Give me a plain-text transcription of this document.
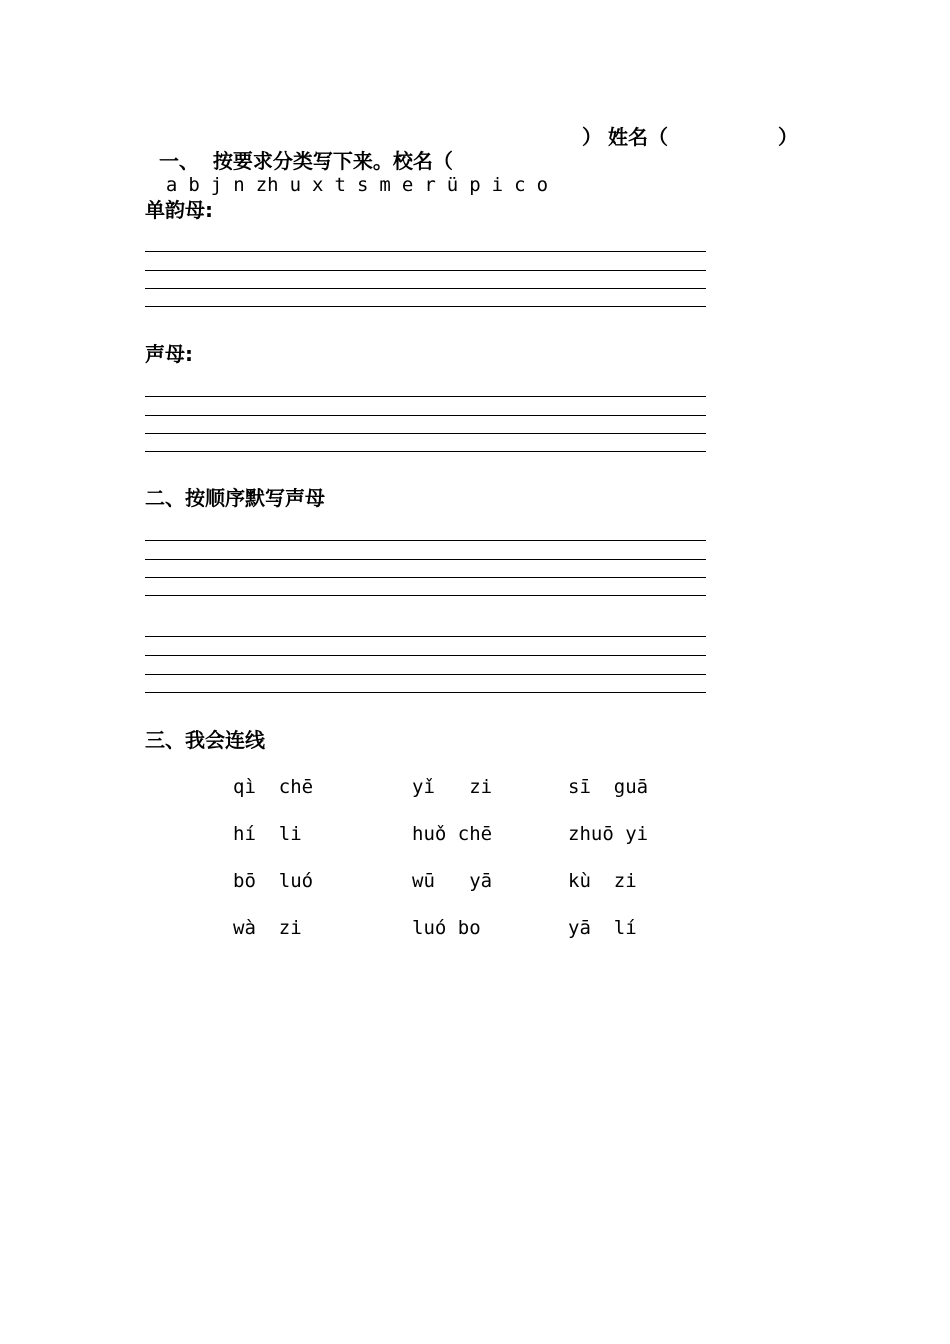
一、  按要求分类写下来。校名（

） 姓名（	）

a b j n zh u x t s m e r ü p i c o

单韵母:
声母:
二、按顺序默写声母
三、我会连线
qì  chē	yǐ   zi	sī  guā
hí  li	huǒ chē	zhuō yi
bō  luó	wū   yā	kù  zi
wà  zi	luó bo	yā  lí
